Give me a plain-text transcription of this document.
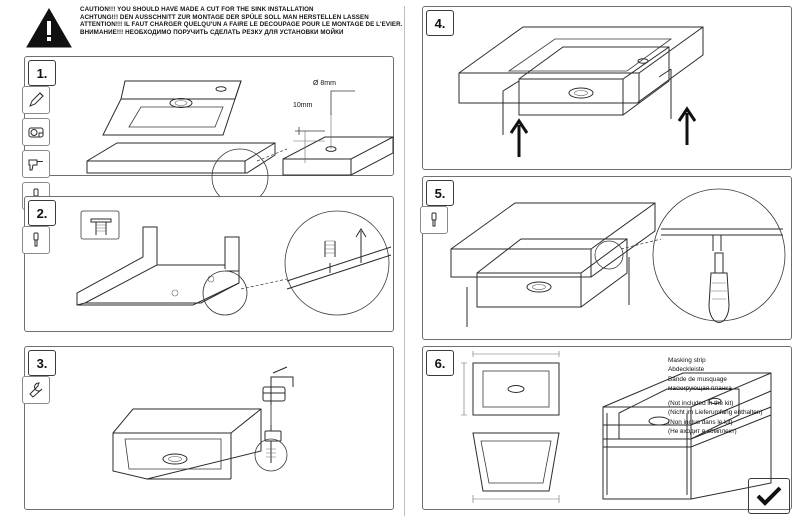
CAUTION!!! YOU SHOULD HAVE MADE A CUT FOR THE SINK INSTALLATION
ACHTUNG!!! DEN AUSSCHNITT ZUR MONTAGE DER SPÜLE SOLL MAN HERSTELLEN LASSEN
ATTENTION!!! IL FAUT CHARGER QUELQU'UN A FAIRE LE DECOUPAGE POUR LE MONTAGE DE L'EVIER.
ВНИМАНИЕ!!! НЕОБХОДИМО ПОРУЧИТЬ СДЕЛАТЬ РЕЗКУ ДЛЯ УСТАНОВКИ МОЙКИ
Ø 8mm
10mm
1.
2.
3.
4.
5.
6.	Masking strip
Abdeckleiste
Bande de musquage
маскирующая планка
(Not included in the kit)
(Nicht im Lieferumfang enthalten)
(Non inclus dans le kit)
(Не входит в комплект)
